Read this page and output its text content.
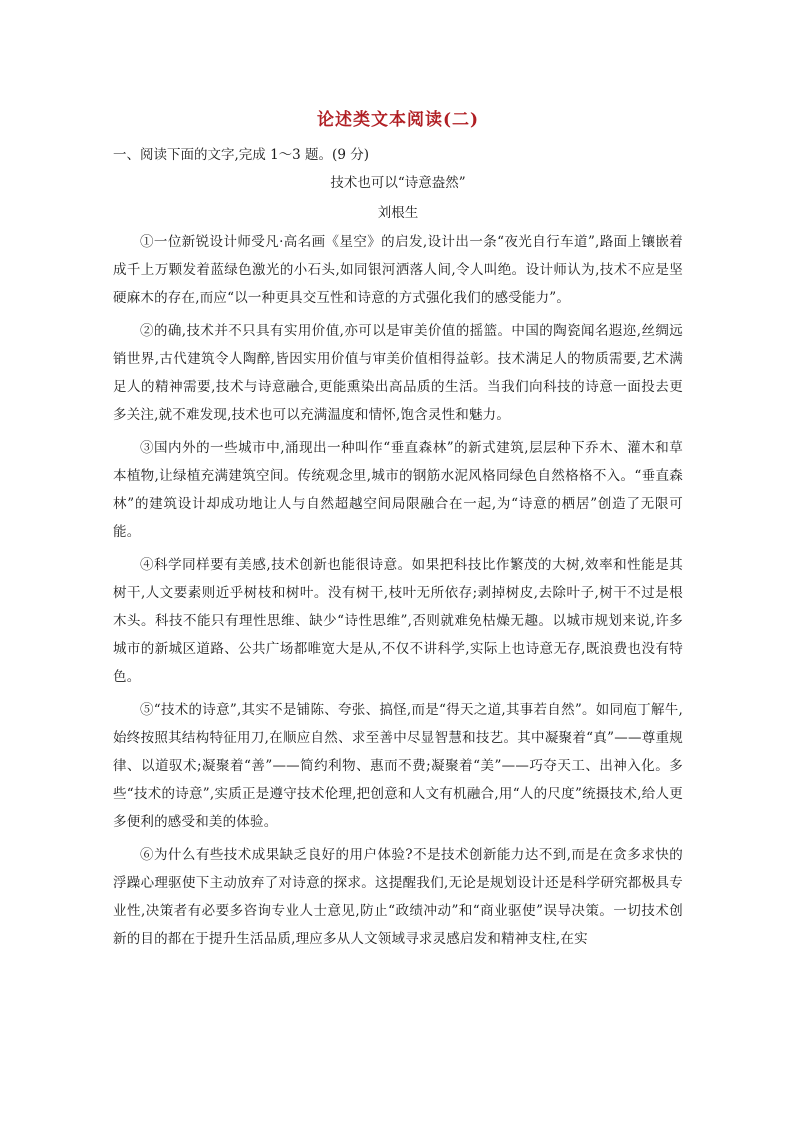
论述类文本阅读(二)
一、阅读下面的文字,完成 1～3 题。(9 分)
技术也可以“诗意盎然”
刘根生

①一位新锐设计师受凡·高名画《星空》的启发,设计出一条“夜光自行车道”,路面上镶嵌着成千上万颗发着蓝绿色激光的小石头,如同银河洒落人间,令人叫绝。设计师认为,技术不应是坚硬麻木的存在,而应“以一种更具交互性和诗意的方式强化我们的感受能力”。

②的确,技术并不只具有实用价值,亦可以是审美价值的摇篮。中国的陶瓷闻名遐迩,丝绸远销世界,古代建筑令人陶醉,皆因实用价值与审美价值相得益彰。技术满足人的物质需要,艺术满足人的精神需要,技术与诗意融合,更能熏染出高品质的生活。当我们向科技的诗意一面投去更多关注,就不难发现,技术也可以充满温度和情怀,饱含灵性和魅力。

③国内外的一些城市中,涌现出一种叫作“垂直森林”的新式建筑,层层种下乔木、灌木和草本植物,让绿植充满建筑空间。传统观念里,城市的钢筋水泥风格同绿色自然格格不入。“垂直森林”的建筑设计却成功地让人与自然超越空间局限融合在一起,为“诗意的栖居”创造了无限可能。

④科学同样要有美感,技术创新也能很诗意。如果把科技比作繁茂的大树,效率和性能是其树干,人文要素则近乎树枝和树叶。没有树干,枝叶无所依存;剥掉树皮,去除叶子,树干不过是根木头。科技不能只有理性思维、缺少“诗性思维”,否则就难免枯燥无趣。以城市规划来说,许多城市的新城区道路、公共广场都唯宽大是从,不仅不讲科学,实际上也诗意无存,既浪费也没有特色。

⑤“技术的诗意”,其实不是铺陈、夸张、搞怪,而是“得天之道,其事若自然”。如同庖丁解牛,始终按照其结构特征用刀,在顺应自然、求至善中尽显智慧和技艺。其中凝聚着“真”——尊重规律、以道驭术;凝聚着“善”——简约利物、惠而不费;凝聚着“美”——巧夺天工、出神入化。多些“技术的诗意”,实质正是遵守技术伦理,把创意和人文有机融合,用“人的尺度”统摄技术,给人更多便利的感受和美的体验。

⑥为什么有些技术成果缺乏良好的用户体验?不是技术创新能力达不到,而是在贪多求快的浮躁心理驱使下主动放弃了对诗意的探求。这提醒我们,无论是规划设计还是科学研究都极具专业性,决策者有必要多咨询专业人士意见,防止“政绩冲动”和“商业驱使”误导决策。一切技术创新的目的都在于提升生活品质,理应多从人文领域寻求灵感启发和精神支柱,在实
